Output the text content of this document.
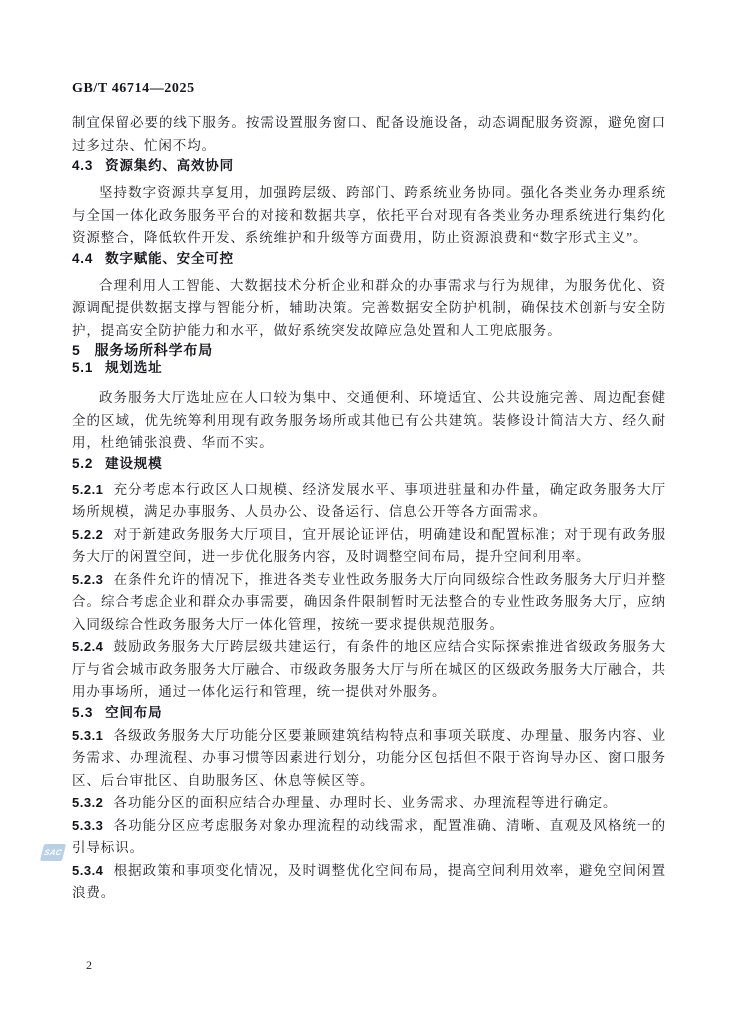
GB/T 46714—2025

制宜保留必要的线下服务。按需设置服务窗口、配备设施设备，动态调配服务资源，避免窗口过多过杂、忙闲不均。

4.3 资源集约、高效协同

坚持数字资源共享复用，加强跨层级、跨部门、跨系统业务协同。强化各类业务办理系统与全国一体化政务服务平台的对接和数据共享，依托平台对现有各类业务办理系统进行集约化资源整合，降低软件开发、系统维护和升级等方面费用，防止资源浪费和“数字形式主义”。

4.4 数字赋能、安全可控

合理利用人工智能、大数据技术分析企业和群众的办事需求与行为规律，为服务优化、资源调配提供数据支撑与智能分析，辅助决策。完善数据安全防护机制，确保技术创新与安全防护，提高安全防护能力和水平，做好系统突发故障应急处置和人工兜底服务。

5 服务场所科学布局
5.1 规划选址

政务服务大厅选址应在人口较为集中、交通便利、环境适宜、公共设施完善、周边配套健全的区域，优先统筹利用现有政务服务场所或其他已有公共建筑。装修设计简洁大方、经久耐用，杜绝铺张浪费、华而不实。

5.2 建设规模

5.2.1 充分考虑本行政区人口规模、经济发展水平、事项进驻量和办件量，确定政务服务大厅场所规模，满足办事服务、人员办公、设备运行、信息公开等各方面需求。

5.2.2 对于新建政务服务大厅项目，宜开展论证评估，明确建设和配置标准；对于现有政务服务大厅的闲置空间，进一步优化服务内容，及时调整空间布局，提升空间利用率。

5.2.3 在条件允许的情况下，推进各类专业性政务服务大厅向同级综合性政务服务大厅归并整合。综合考虑企业和群众办事需要，确因条件限制暂时无法整合的专业性政务服务大厅，应纳入同级综合性政务服务大厅一体化管理，按统一要求提供规范服务。

5.2.4 鼓励政务服务大厅跨层级共建运行，有条件的地区应结合实际探索推进省级政务服务大厅与省会城市政务服务大厅融合、市级政务服务大厅与所在城区的区级政务服务大厅融合，共用办事场所，通过一体化运行和管理，统一提供对外服务。

5.3 空间布局

5.3.1 各级政务服务大厅功能分区要兼顾建筑结构特点和事项关联度、办理量、服务内容、业务需求、办理流程、办事习惯等因素进行划分，功能分区包括但不限于咨询导办区、窗口服务区、后台审批区、自助服务区、休息等候区等。

5.3.2 各功能分区的面积应结合办理量、办理时长、业务需求、办理流程等进行确定。

5.3.3 各功能分区应考虑服务对象办理流程的动线需求，配置准确、清晰、直观及风格统一的引导标识。

5.3.4 根据政策和事项变化情况，及时调整优化空间布局，提高空间利用效率，避免空间闲置浪费。

SAC
2
